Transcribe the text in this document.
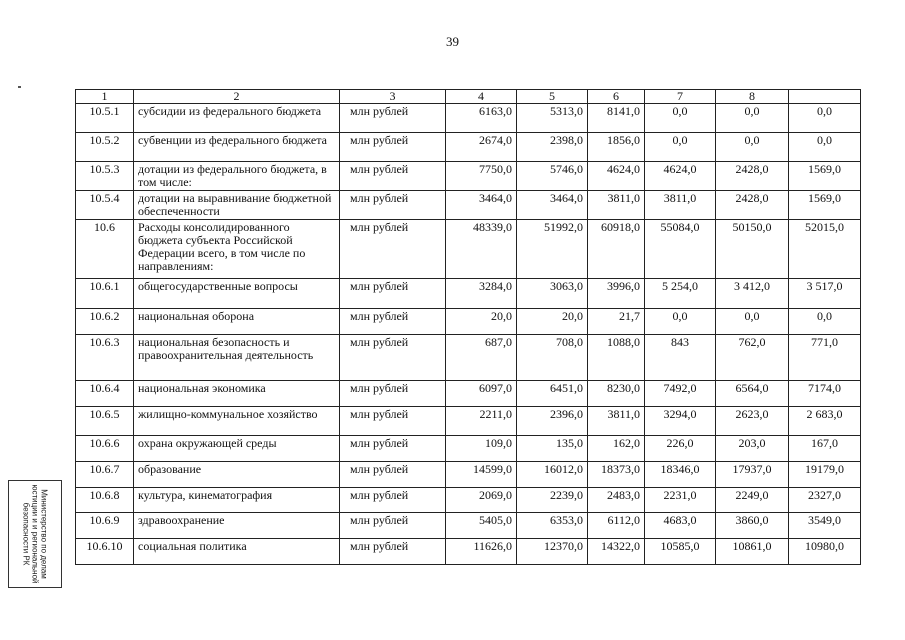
39
1	2	3	4	5	6	7	8	
10.5.1	субсидии из федерального бюджета	млн рублей	6163,0	5313,0	8141,0	0,0	0,0	0,0
10.5.2	субвенции из федерального бюджета	млн рублей	2674,0	2398,0	1856,0	0,0	0,0	0,0
10.5.3	дотации из федерального бюджета, в том числе:	млн рублей	7750,0	5746,0	4624,0	4624,0	2428,0	1569,0
10.5.4	дотации на выравнивание бюджетной обеспеченности	млн рублей	3464,0	3464,0	3811,0	3811,0	2428,0	1569,0
10.6	Расходы консолидированного бюджета субъекта Российской Федерации всего, в том числе по направлениям:	млн рублей	48339,0	51992,0	60918,0	55084,0	50150,0	52015,0
10.6.1	общегосударственные вопросы	млн рублей	3284,0	3063,0	3996,0	5 254,0	3 412,0	3 517,0
10.6.2	национальная оборона	млн рублей	20,0	20,0	21,7	0,0	0,0	0,0
10.6.3	национальная безопасность и правоохранительная деятельность	млн рублей	687,0	708,0	1088,0	843	762,0	771,0
10.6.4	национальная экономика	млн рублей	6097,0	6451,0	8230,0	7492,0	6564,0	7174,0
10.6.5	жилищно-коммунальное хозяйство	млн рублей	2211,0	2396,0	3811,0	3294,0	2623,0	2 683,0
10.6.6	охрана окружающей среды	млн рублей	109,0	135,0	162,0	226,0	203,0	167,0
10.6.7	образование	млн рублей	14599,0	16012,0	18373,0	18346,0	17937,0	19179,0
10.6.8	культура, кинематография	млн рублей	2069,0	2239,0	2483,0	2231,0	2249,0	2327,0
10.6.9	здравоохранение	млн рублей	5405,0	6353,0	6112,0	4683,0	3860,0	3549,0
10.6.10	социальная политика	млн рублей	11626,0	12370,0	14322,0	10585,0	10861,0	10980,0
Министерство по делам юстиции и и региональной безопасности РК
